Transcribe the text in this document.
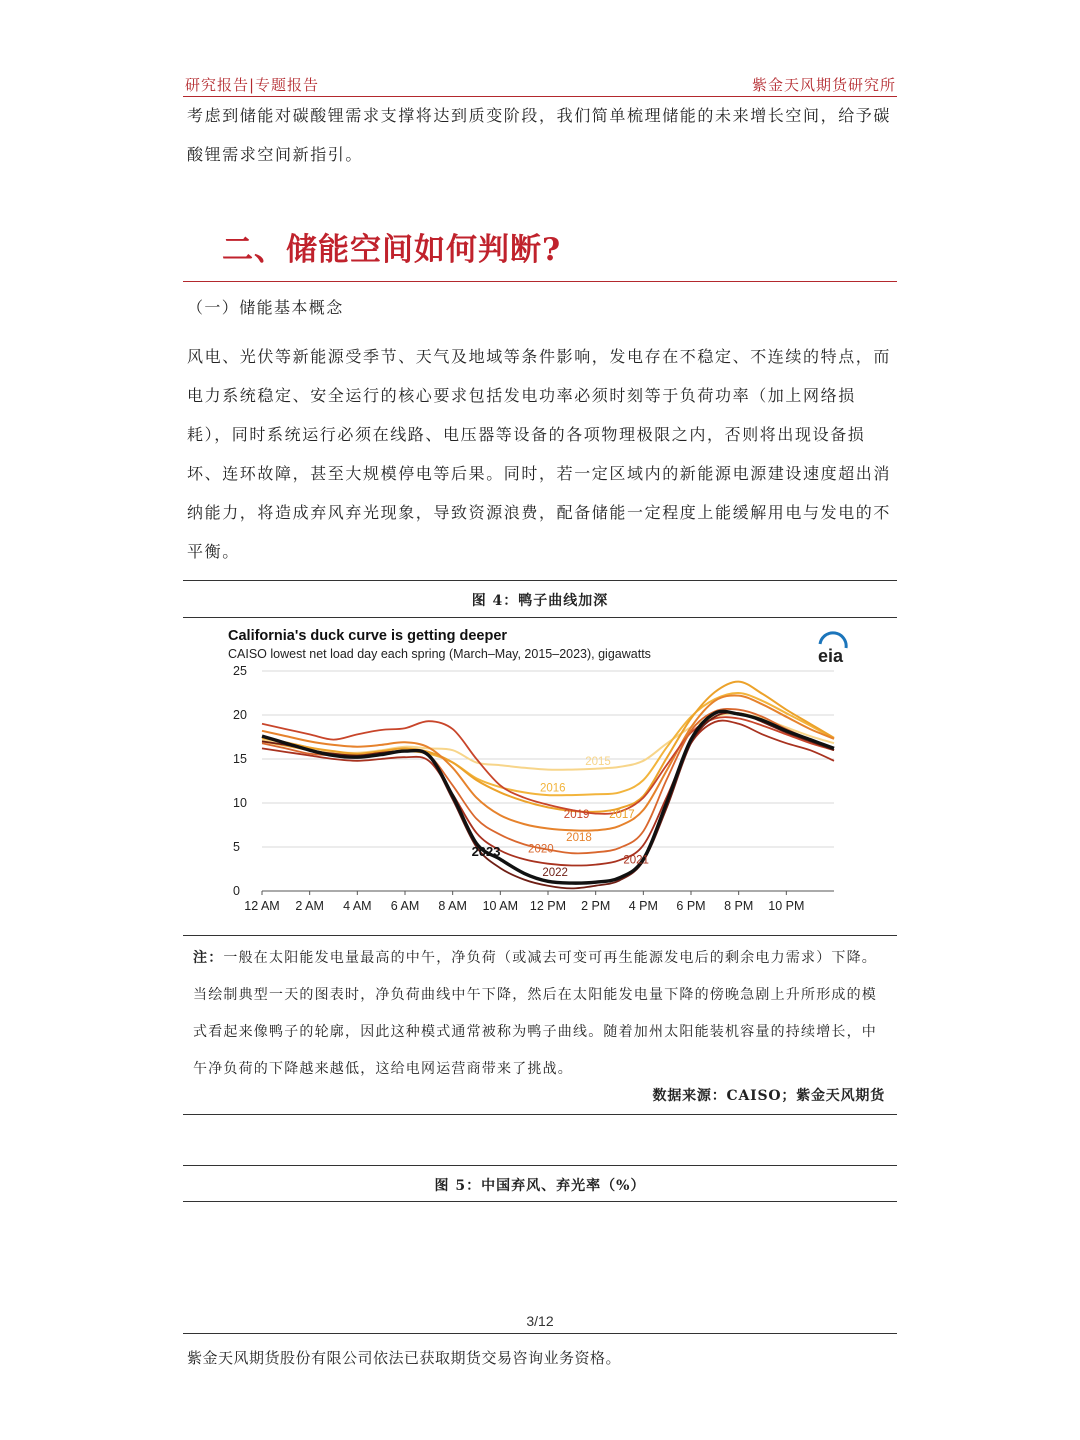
研究报告|专题报告	紫金天风期货研究所
考虑到储能对碳酸锂需求支撑将达到质变阶段，我们简单梳理储能的未来增长空间，给予碳酸锂需求空间新指引。
二、储能空间如何判断?
（一）储能基本概念
风电、光伏等新能源受季节、天气及地域等条件影响，发电存在不稳定、不连续的特点，而电力系统稳定、安全运行的核心要求包括发电功率必须时刻等于负荷功率（加上网络损耗），同时系统运行必须在线路、电压器等设备的各项物理极限之内，否则将出现设备损坏、连环故障，甚至大规模停电等后果。同时，若一定区域内的新能源电源建设速度超出消纳能力，将造成弃风弃光现象，导致资源浪费，配备储能一定程度上能缓解用电与发电的不平衡。
图 4：鸭子曲线加深
California's duck curve is getting deeper
CAISO lowest net load day each spring (March–May, 2015–2023), gigawatts	eia
0
5
10
15
20
25
12 AM 2 AM 4 AM 6 AM 8 AM 10 AM 12 PM 2 PM 4 PM 6 PM 8 PM 10 PM
2015
2016
2017
2018
2019
2020
2021
2022
2023
注：一般在太阳能发电量最高的中午，净负荷（或减去可变可再生能源发电后的剩余电力需求）下降。当绘制典型一天的图表时，净负荷曲线中午下降，然后在太阳能发电量下降的傍晚急剧上升所形成的模式看起来像鸭子的轮廓，因此这种模式通常被称为鸭子曲线。随着加州太阳能装机容量的持续增长，中午净负荷的下降越来越低，这给电网运营商带来了挑战。
数据来源：CAISO；紫金天风期货
图 5：中国弃风、弃光率（%）
3/12
紫金天风期货股份有限公司依法已获取期货交易咨询业务资格。
